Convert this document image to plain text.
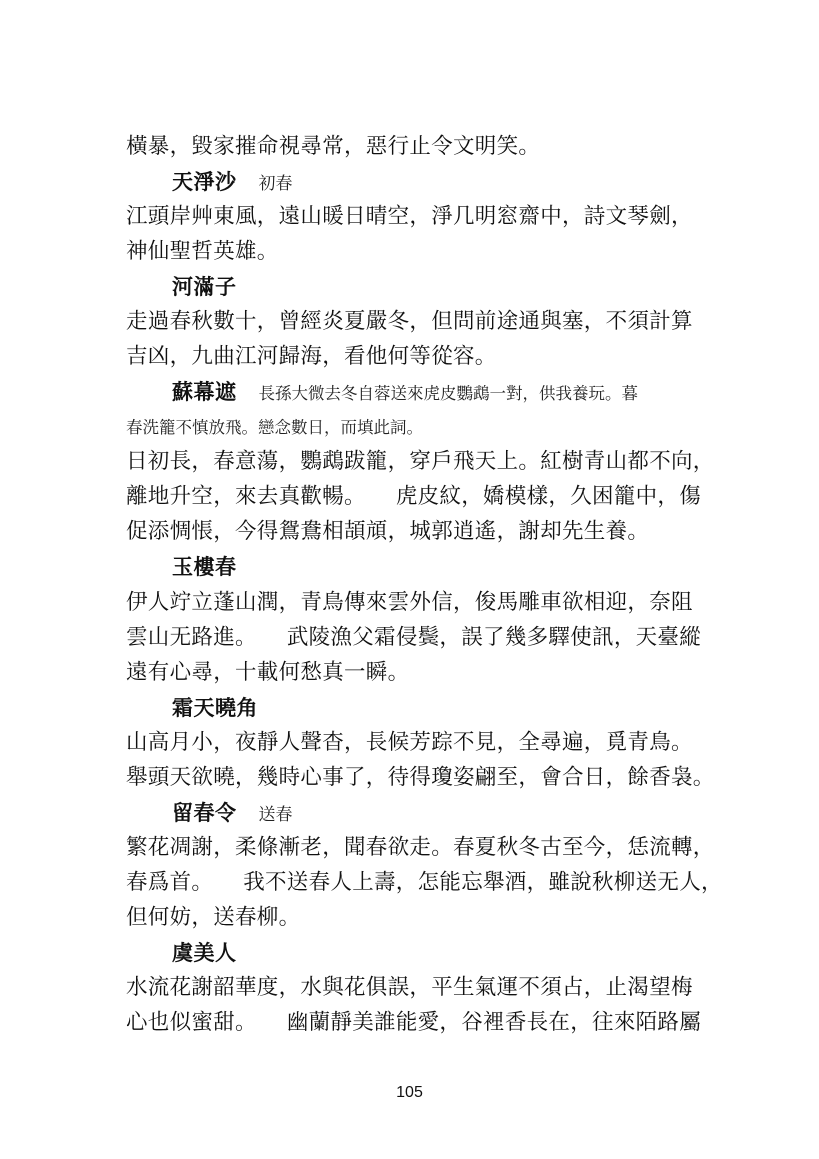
橫暴，毀家摧命視尋常，惡行止令文明笑。
天淨沙 初春
江頭岸艸東風，遠山暖日晴空，淨几明窓齋中，詩文琴劍，
神仙聖哲英雄。
河滿子
走過春秋數十，曾經炎夏嚴冬，但問前途通與塞，不須計算
吉凶，九曲江河歸海，看他何等從容。
蘇幕遮 長孫大微去冬自蓉送來虎皮鸚鵡一對，供我養玩。暮
春洗籠不慎放飛。戀念數日，而填此詞。
日初長，春意蕩，鸚鵡跋籠，穿戶飛天上。紅樹青山都不向，
離地升空，來去真歡暢。 虎皮紋，嬌模樣，久困籠中，傷
促添惆悵，今得鴛鴦相頡頏，城郭逍遙，謝却先生養。
玉樓春
伊人竚立蓬山潤，青鳥傳來雲外信，俊馬雕車欲相迎，奈阻
雲山无路進。 武陵漁父霜侵鬓，誤了幾多驛使訊，天臺縱
遠有心尋，十載何愁真一瞬。
霜天曉角
山高月小，夜靜人聲杳，長候芳踪不見，全尋遍，覓青鳥。
舉頭天欲曉，幾時心事了，待得瓊姿翩至，會合日，餘香袅。
留春令 送春
繁花凋謝，柔條漸老，聞春欲走。春夏秋冬古至今，恁流轉，
春爲首。 我不送春人上壽，怎能忘舉酒，雖說秋柳送无人，
但何妨，送春柳。
虞美人
水流花謝韶華度，水與花俱誤，平生氣運不須占，止渴望梅
心也似蜜甜。 幽蘭靜美誰能愛，谷裡香長在，往來陌路屬
105
